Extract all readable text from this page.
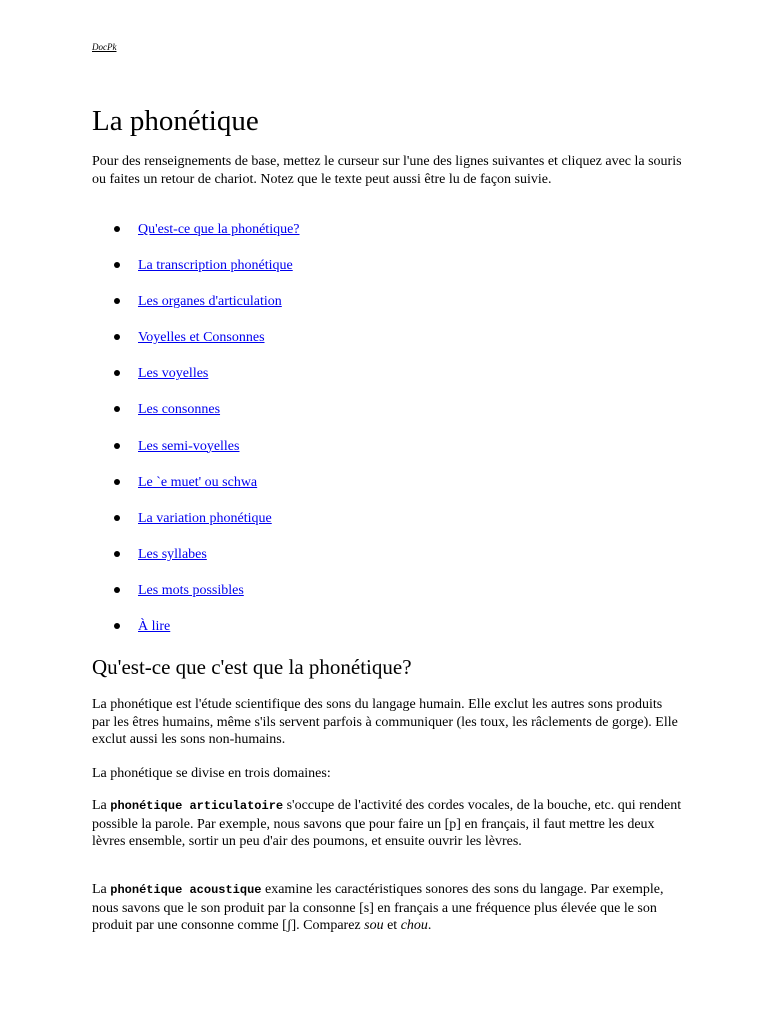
DocPk
La phonétique

Pour des renseignements de base, mettez le curseur sur l'une des lignes suivantes et cliquez avec la souris ou faites un retour de chariot. Notez que le texte peut aussi être lu de façon suivie.

Qu'est-ce que la phonétique?
La transcription phonétique
Les organes d'articulation
Voyelles et Consonnes
Les voyelles
Les consonnes
Les semi-voyelles
Le `e muet' ou schwa
La variation phonétique
Les syllabes
Les mots possibles
À lire
Qu'est-ce que c'est que la phonétique?

La phonétique est l'étude scientifique des sons du langage humain. Elle exclut les autres sons produits par les êtres humains, même s'ils servent parfois à communiquer (les toux, les râclements de gorge). Elle exclut aussi les sons non-humains.

La phonétique se divise en trois domaines:

La phonétique articulatoire s'occupe de l'activité des cordes vocales, de la bouche, etc. qui rendent possible la parole. Par exemple, nous savons que pour faire un [p] en français, il faut mettre les deux lèvres ensemble, sortir un peu d'air des poumons, et ensuite ouvrir les lèvres.

La phonétique acoustique examine les caractéristiques sonores des sons du langage. Par exemple, nous savons que le son produit par la consonne [s] en français a une fréquence plus élevée que le son produit par une consonne comme [ʃ]. Comparez sou et chou.
